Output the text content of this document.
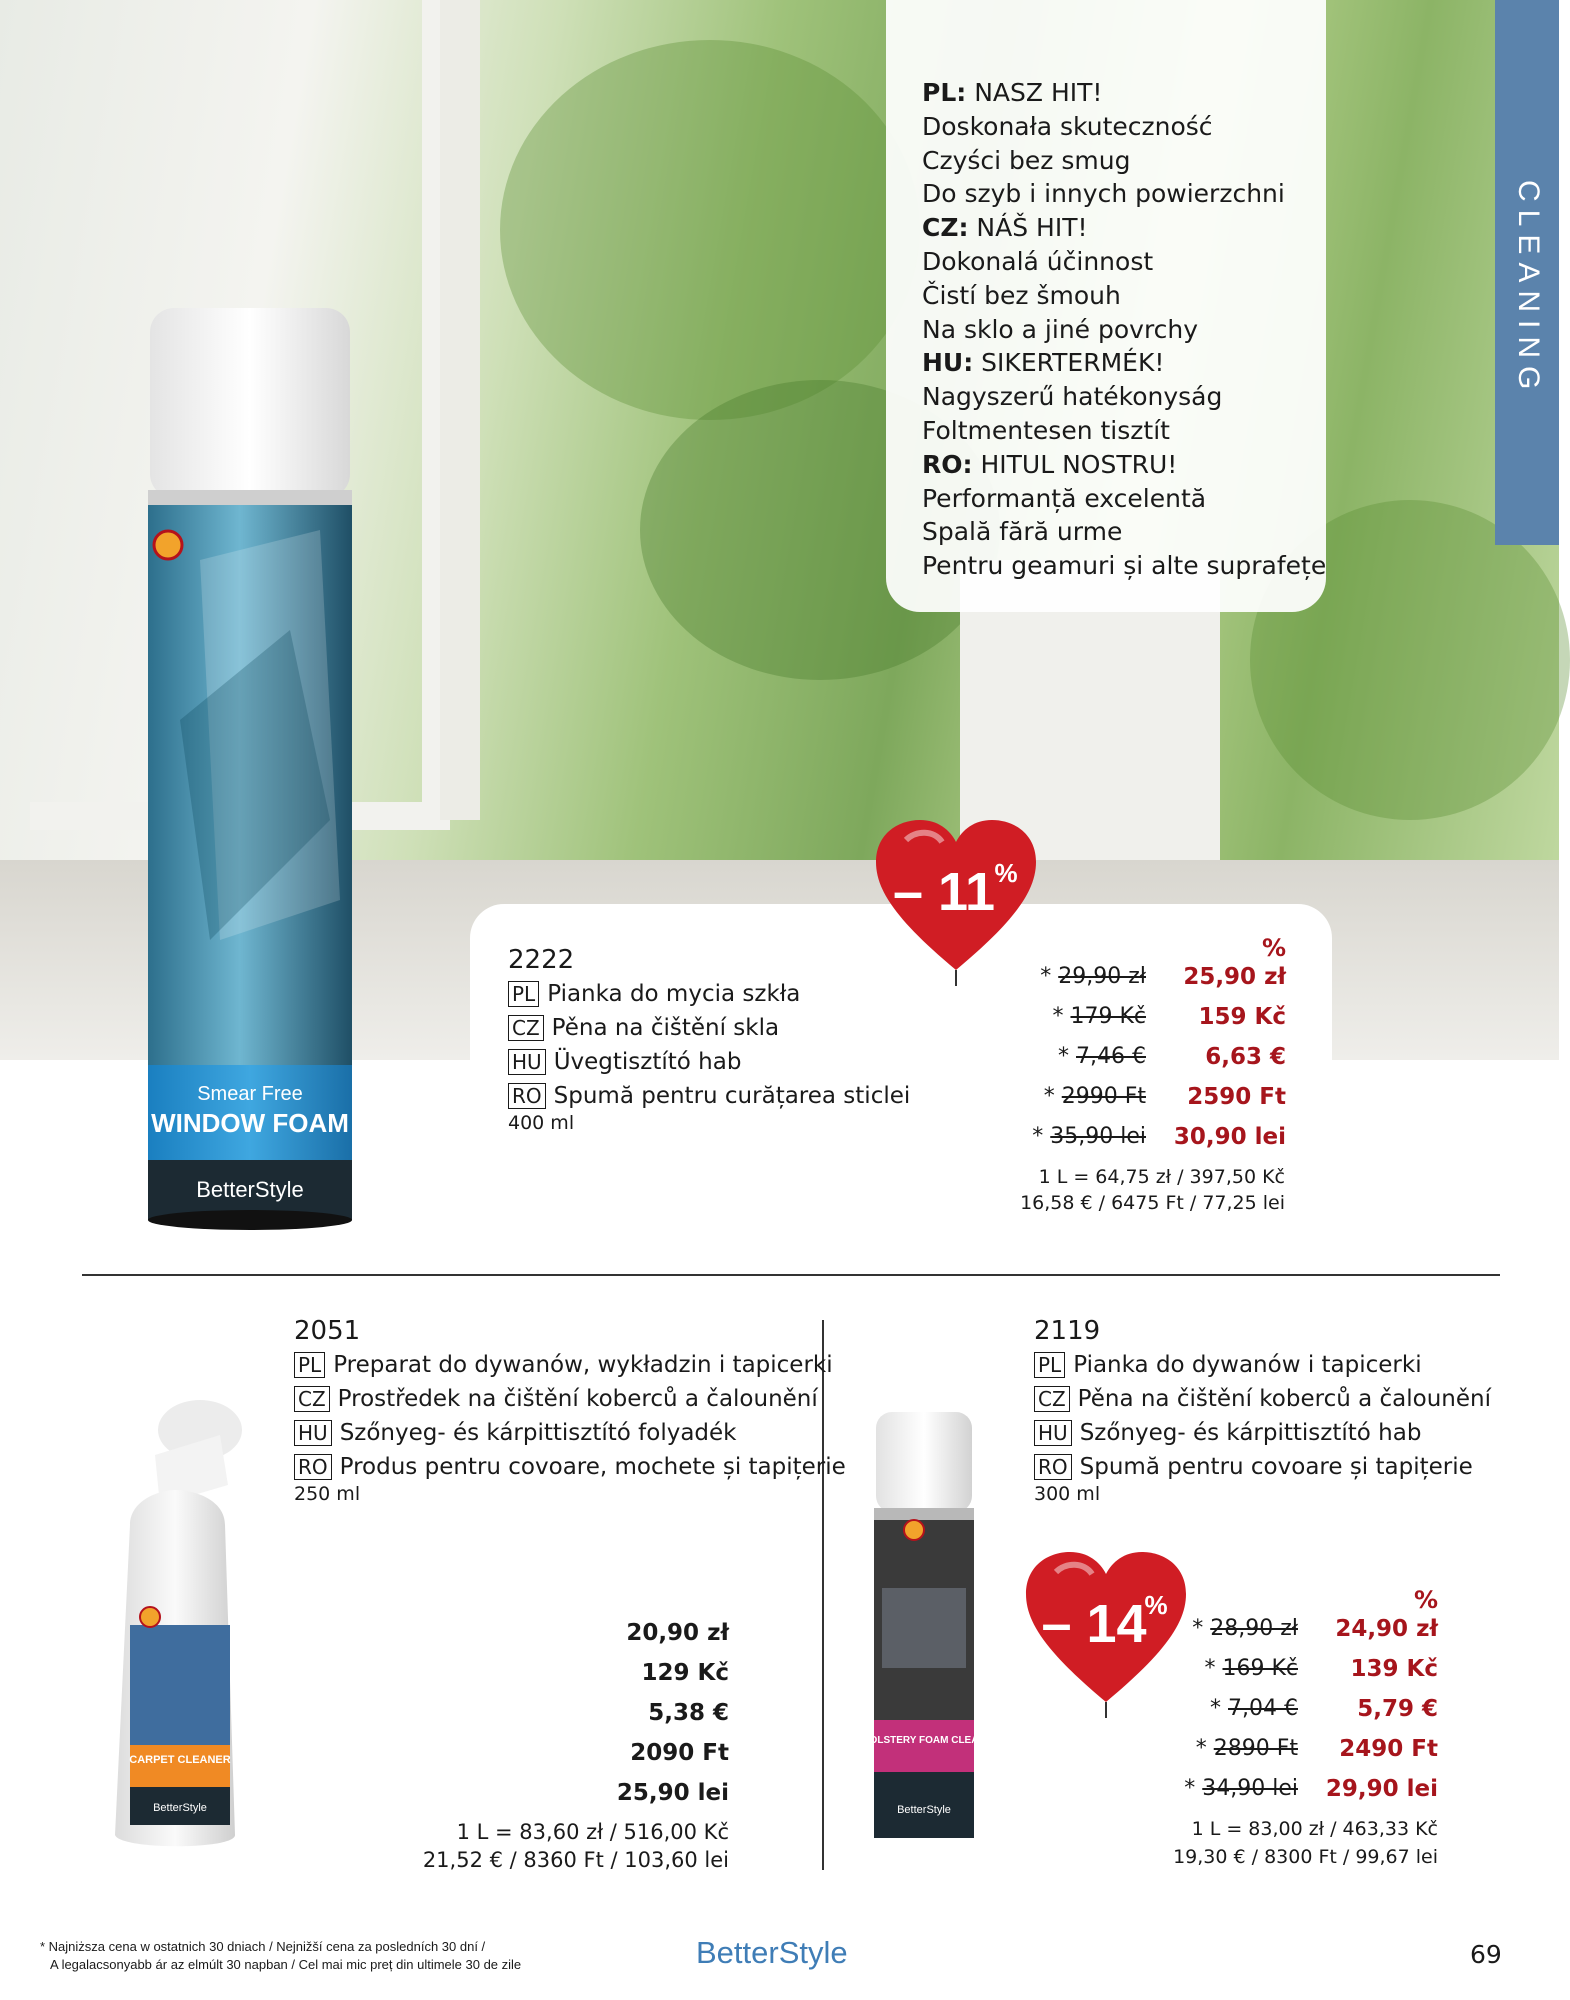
CLEANING
PL: NASZ HIT!
Doskonała skuteczność
Czyści bez smug
Do szyb i innych powierzchni
CZ: NÁŠ HIT!
Dokonalá účinnost
Čistí bez šmouh
Na sklo a jiné povrchy
HU: SIKERTERMÉK!
Nagyszerű hatékonyság
Foltmentesen tisztít
RO: HITUL NOSTRU!
Performanță excelentă
Spală fără urme
Pentru geamuri și alte suprafețe
Smear Free
WINDOW FOAM
BetterStyle
– 11 %
2222
PL Pianka do mycia szkła
CZ Pěna na čištění skla
HU Üvegtisztító hab
RO Spumă pentru curățarea sticlei
400 ml
%
* 29,90 zł 25,90 zł
* 179 Kč 159 Kč
* 7,46 €	6,63 €
* 2990 Ft 2590 Ft
* 35,90 lei 30,90 lei
1 L = 64,75 zł / 397,50 Kč
16,58 € / 6475 Ft / 77,25 lei
CARPET CLEANER
BetterStyle
2051
PL Preparat do dywanów, wykładzin i tapicerki
CZ Prostředek na čištění koberců a čalounění
HU Szőnyeg- és kárpittisztító folyadék
RO Produs pentru covoare, mochete și tapițerie
250 ml
20,90 zł
129 Kč
5,38 €
2090 Ft
25,90 lei
1 L = 83,60 zł / 516,00 Kč
21,52 € / 8360 Ft / 103,60 lei
UPHOLSTERY FOAM CLEANER
BetterStyle
– 14
%
2119
PL Pianka do dywanów i tapicerki
CZ Pěna na čištění koberců a čalounění
HU Szőnyeg- és kárpittisztító hab
RO Spumă pentru covoare și tapițerie
300 ml
%
* 28,90 zł 24,90 zł
* 169 Kč 139 Kč
* 7,04 €	5,79 €
* 2890 Ft 2490 Ft
* 34,90 lei 29,90 lei
1 L = 83,00 zł / 463,33 Kč
19,30 € / 8300 Ft / 99,67 lei
* Najniższa cena w ostatnich 30 dniach / Nejnižší cena za posledních 30 dní /
A legalacsonyabb ár az elmúlt 30 napban / Cel mai mic preț din ultimele 30 de zile	BetterStyle	69
